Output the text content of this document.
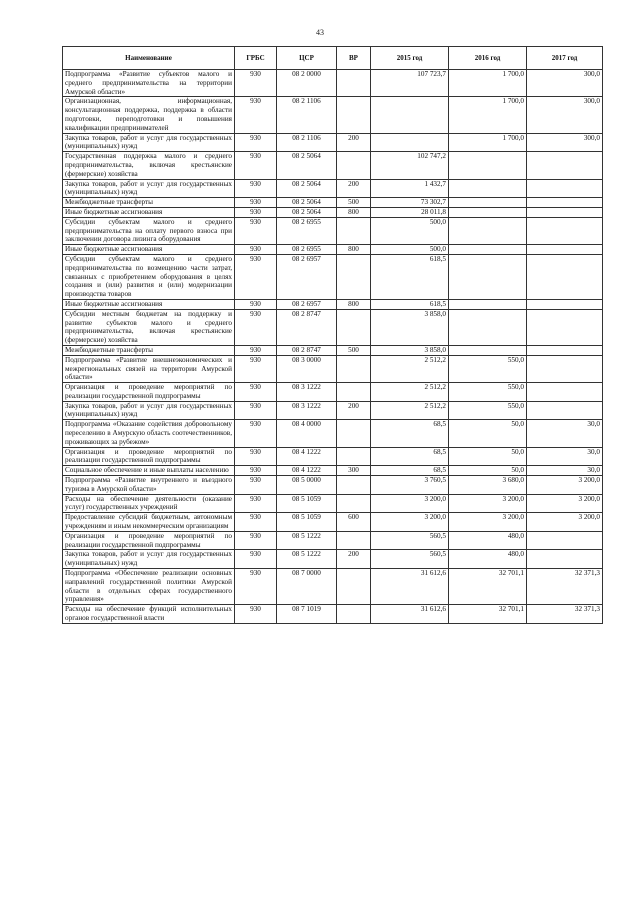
43
Наименование	ГРБС	ЦСР	ВР	2015 год	2016 год	2017 год
Подпрограмма «Развитие субъектов малого и среднего предпринимательства на территории Амурской области»	930	08 2 0000		107 723,7	1 700,0	300,0
Организационная, информационная, консультационная поддержка, поддержка в области подготовки, переподготовки и повышения квалификации предпринимателей	930	08 2 1106			1 700,0	300,0
Закупка товаров, работ и услуг для государственных (муниципальных) нужд	930	08 2 1106	200		1 700,0	300,0
Государственная поддержка малого и среднего предпринимательства, включая крестьянские (фермерские) хозяйства	930	08 2 5064		102 747,2		
Закупка товаров, работ и услуг для государственных (муниципальных) нужд	930	08 2 5064	200	1 432,7		
Межбюджетные трансферты	930	08 2 5064	500	73 302,7		
Иные бюджетные ассигнования	930	08 2 5064	800	28 011,8		
Субсидии субъектам малого и среднего предпринимательства на оплату первого взноса при заключении договора лизинга оборудования	930	08 2 6955		500,0		
Иные бюджетные ассигнования	930	08 2 6955	800	500,0		
Субсидии субъектам малого и среднего предпринимательства по возмещению части затрат, связанных с приобретением оборудования в целях создания и (или) развития и (или) модернизации производства товаров	930	08 2 6957		618,5		
Иные бюджетные ассигнования	930	08 2 6957	800	618,5		
Субсидии местным бюджетам на поддержку и развитие субъектов малого и среднего предпринимательства, включая крестьянские (фермерские) хозяйства	930	08 2 8747		3 858,0		
Межбюджетные трансферты	930	08 2 8747	500	3 858,0		
Подпрограмма «Развитие внешнеэкономических и межрегиональных связей на территории Амурской области»	930	08 3 0000		2 512,2	550,0	
Организация и проведение мероприятий по реализации государственной подпрограммы	930	08 3 1222		2 512,2	550,0	
Закупка товаров, работ и услуг для государственных (муниципальных) нужд	930	08 3 1222	200	2 512,2	550,0	
Подпрограмма «Оказание содействия добровольному переселению в Амурскую область соотечественников, проживающих за рубежом»	930	08 4 0000		68,5	50,0	30,0
Организация и проведение мероприятий по реализации государственной подпрограммы	930	08 4 1222		68,5	50,0	30,0
Социальное обеспечение и иные выплаты населению	930	08 4 1222	300	68,5	50,0	30,0
Подпрограмма «Развитие внутреннего и въездного туризма в Амурской области»	930	08 5 0000		3 760,5	3 680,0	3 200,0
Расходы на обеспечение деятельности (оказание услуг) государственных учреждений	930	08 5 1059		3 200,0	3 200,0	3 200,0
Предоставление субсидий бюджетным, автономным учреждениям и иным некоммерческим организациям	930	08 5 1059	600	3 200,0	3 200,0	3 200,0
Организация и проведение мероприятий по реализации государственной подпрограммы	930	08 5 1222		560,5	480,0	
Закупка товаров, работ и услуг для государственных (муниципальных) нужд	930	08 5 1222	200	560,5	480,0	
Подпрограмма «Обеспечение реализации основных направлений государственной политики Амурской области в отдельных сферах государственного управления»	930	08 7 0000		31 612,6	32 701,1	32 371,3
Расходы на обеспечение функций исполнительных органов государственной власти	930	08 7 1019		31 612,6	32 701,1	32 371,3
